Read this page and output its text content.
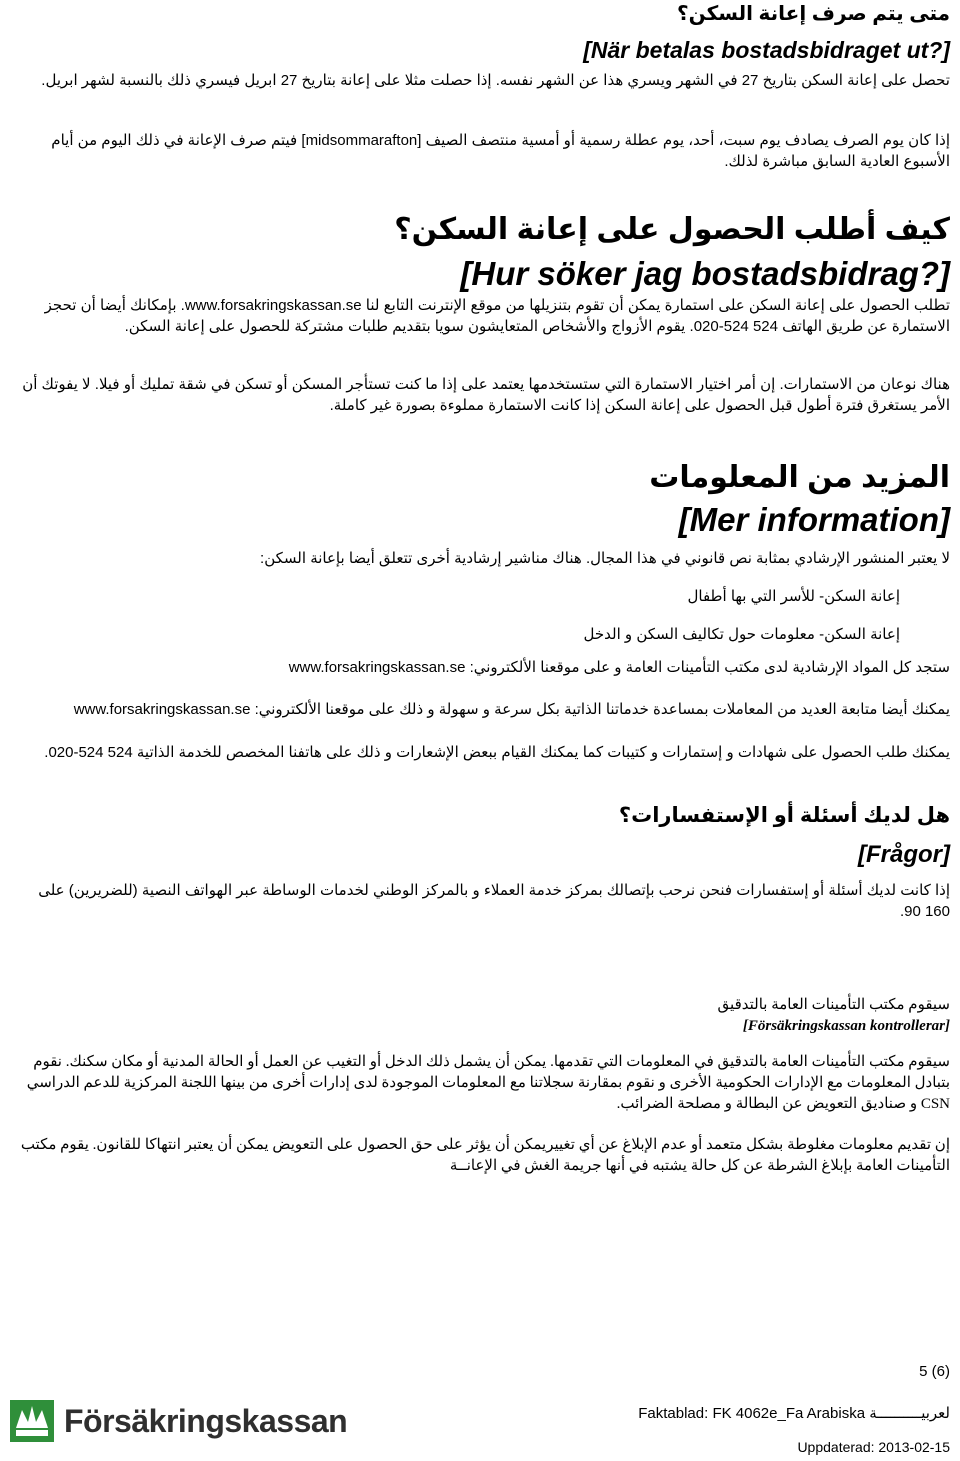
متى يتم صرف إعانة السكن؟
[När betalas bostadsbidraget ut?]
تحصل على إعانة السكن بتاريخ 27 في الشهر ويسري هذا عن الشهر نفسه. إذا حصلت مثلا على إعانة بتاريخ 27 ابريل فيسري ذلك بالنسبة لشهر ابريل.
إذا كان يوم الصرف يصادف يوم سبت، أحد، يوم عطلة رسمية أو أمسية منتصف الصيف [midsommarafton] فيتم صرف الإعانة في ذلك اليوم من أيام الأسبوع العادية السابق مباشرة لذلك.
كيف أطلب الحصول على إعانة السكن؟
[Hur söker jag bostadsbidrag?]
تطلب الحصول على إعانة السكن على استمارة يمكن أن تقوم بتنزيلها من موقع الإنترنت التابع لنا www.forsakringskassan.se. بإمكانك أيضا أن تحجز الاستمارة عن طريق الهاتف 524 524-020. يقوم الأزواج والأشخاص المتعايشون سويا بتقديم طلبات مشتركة للحصول على إعانة السكن.
هناك نوعان من الاستمارات. إن أمر اختيار الاستمارة التي ستستخدمها يعتمد على إذا ما كنت تستأجر المسكن أو تسكن في شقة تمليك أو فيلا. لا يفوتك أن الأمر يستغرق فترة أطول قبل الحصول على إعانة السكن إذا كانت الاستمارة مملوءة بصورة غير كاملة.
المزيد من المعلومات
[Mer information]
لا يعتبر المنشور الإرشادي بمثابة نص قانوني في هذا المجال. هناك مناشير إرشادية أخرى تتعلق أيضا بإعانة السكن:
إعانة السكن- للأسر التي بها أطفال
إعانة السكن- معلومات حول تكاليف السكن و الدخل
ستجد كل المواد الإرشادية لدى مكتب التأمينات العامة و على موقعنا الألكتروني: www.forsakringskassan.se
يمكنك أيضا متابعة العديد من المعاملات بمساعدة خدماتنا الذاتية بكل سرعة و سهولة و ذلك على موقعنا الألكتروني: www.forsakringskassan.se
يمكنك طلب الحصول على شهادات و إستمارات و كتيبات كما يمكنك القيام ببعض الإشعارات و ذلك على هاتفنا المخصص للخدمة الذاتية 524 524-020.
هل لديك أسئلة أو الإستفسارات؟
[Frågor]
إذا كانت لديك أسئلة أو إستفسارات فنحن نرحب بإتصالك بمركز خدمة العملاء و بالمركز الوطني لخدمات الوساطة عبر الهواتف النصية (للضريرين) على 160 90.
سيقوم مكتب التأمينات العامة بالتدقيق
[Försäkringskassan kontrollerar]
سيقوم مكتب التأمينات العامة بالتدقيق في المعلومات التي تقدمها. يمكن أن يشمل ذلك الدخل أو التغيب عن العمل أو الحالة المدنية أو مكان سكنك. نقوم بتبادل المعلومات مع الإدارات الحكومية الأخرى و نقوم بمقارنة سجلاتنا مع المعلومات الموجودة لدى إدارات أخرى من بينها اللجنة المركزية للدعم الدراسي CSN و صناديق التعويض عن البطالة و مصلحة الضرائب.
إن تقديم معلومات مغلوطة بشكل متعمد أو عدم الإبلاغ عن أي تغييريمكن أن يؤثر على حق الحصول على التعويض يمكن أن يعتبر انتهاكا للقانون. يقوم مكتب التأمينات العامة بإبلاغ الشرطة عن كل حالة يشتبه في أنها جريمة الغش في الإعانــة
5 (6)
Försäkringskassan	Faktablad: FK 4062e_Fa Arabiska لعربيــــــــــة
Uppdaterad: 2013-02-15
